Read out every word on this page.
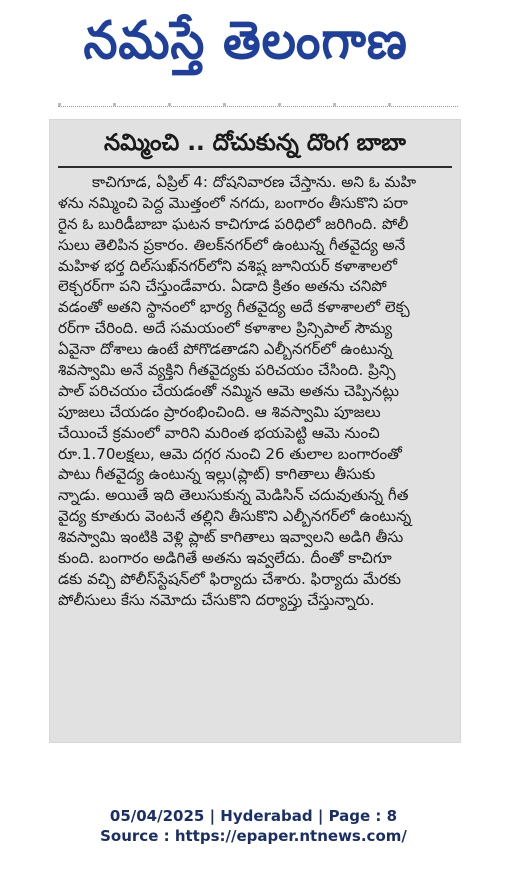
నమస్తే తెలంగాణ
నమ్మించి .. దోచుకున్న దొంగ బాబా
కాచిగూడ, ఏప్రిల్ 4: దోషనివారణ చేస్తాను. అని ఓ మహి
ళను నమ్మించి పెద్ద మొత్తంలో నగదు, బంగారం తీసుకొని పరా
రైన ఓ బురిడీబాబా ఘటన కాచిగూడ పరిధిలో జరిగింది. పోలీ
సులు తెలిపిన ప్రకారం. తిలక్‌నగర్‌లో ఉంటున్న గీతవైద్య అనే
మహిళ భర్త దిల్‌సుఖ్‌నగర్‌లోని వశిష్ట జూనియర్ కళాశాలలో
లెక్చరర్‌గా పని చేస్తుండేవారు. ఏడాది క్రితం అతను చనిపో
వడంతో అతని స్థానంలో భార్య గీతవైద్య అదే కళాశాలలో లెక్చ
రర్‌గా చేరింది. అదే సమయంలో కళాశాల ప్రిన్సిపాల్ సౌమ్య
ఏవైనా దోశాలు ఉంటే పోగొడతాడని ఎల్బీనగర్‌లో ఉంటున్న
శివస్వామి అనే వ్యక్తిని గీతవైద్యకు పరిచయం చేసింది. ప్రిన్సి
పాల్ పరిచయం చేయడంతో నమ్మిన ఆమె అతను చెప్పినట్లు
పూజలు చేయడం ప్రారంభించింది. ఆ శివస్వామి పూజలు
చేయించే క్రమంలో వారిని మరింత భయపెట్టి ఆమె నుంచి
రూ.1.70లక్షలు, ఆమె దగ్గర నుంచి 26 తులాల బంగారంతో
పాటు గీతవైద్య ఉంటున్న ఇల్లు(ప్లాట్) కాగితాలు తీసుకు
న్నాడు. అయితే ఇది తెలుసుకున్న మెడిసిన్ చదువుతున్న గీత
వైద్య కూతురు వెంటనే తల్లిని తీసుకొని ఎల్బీనగర్‌లో ఉంటున్న
శివస్వామి ఇంటికి వెళ్లి ప్లాట్ కాగితాలు ఇవ్వాలని అడిగి తీసు
కుంది. బంగారం అడిగితే అతను ఇవ్వలేదు. దీంతో కాచిగూ
డకు వచ్చి పోలీస్‌స్టేషన్‌లో ఫిర్యాదు చేశారు. ఫిర్యాదు మేరకు
పోలీసులు కేసు నమోదు చేసుకొని దర్యాప్తు చేస్తున్నారు.
05/04/2025 | Hyderabad | Page : 8
Source : https://epaper.ntnews.com/
